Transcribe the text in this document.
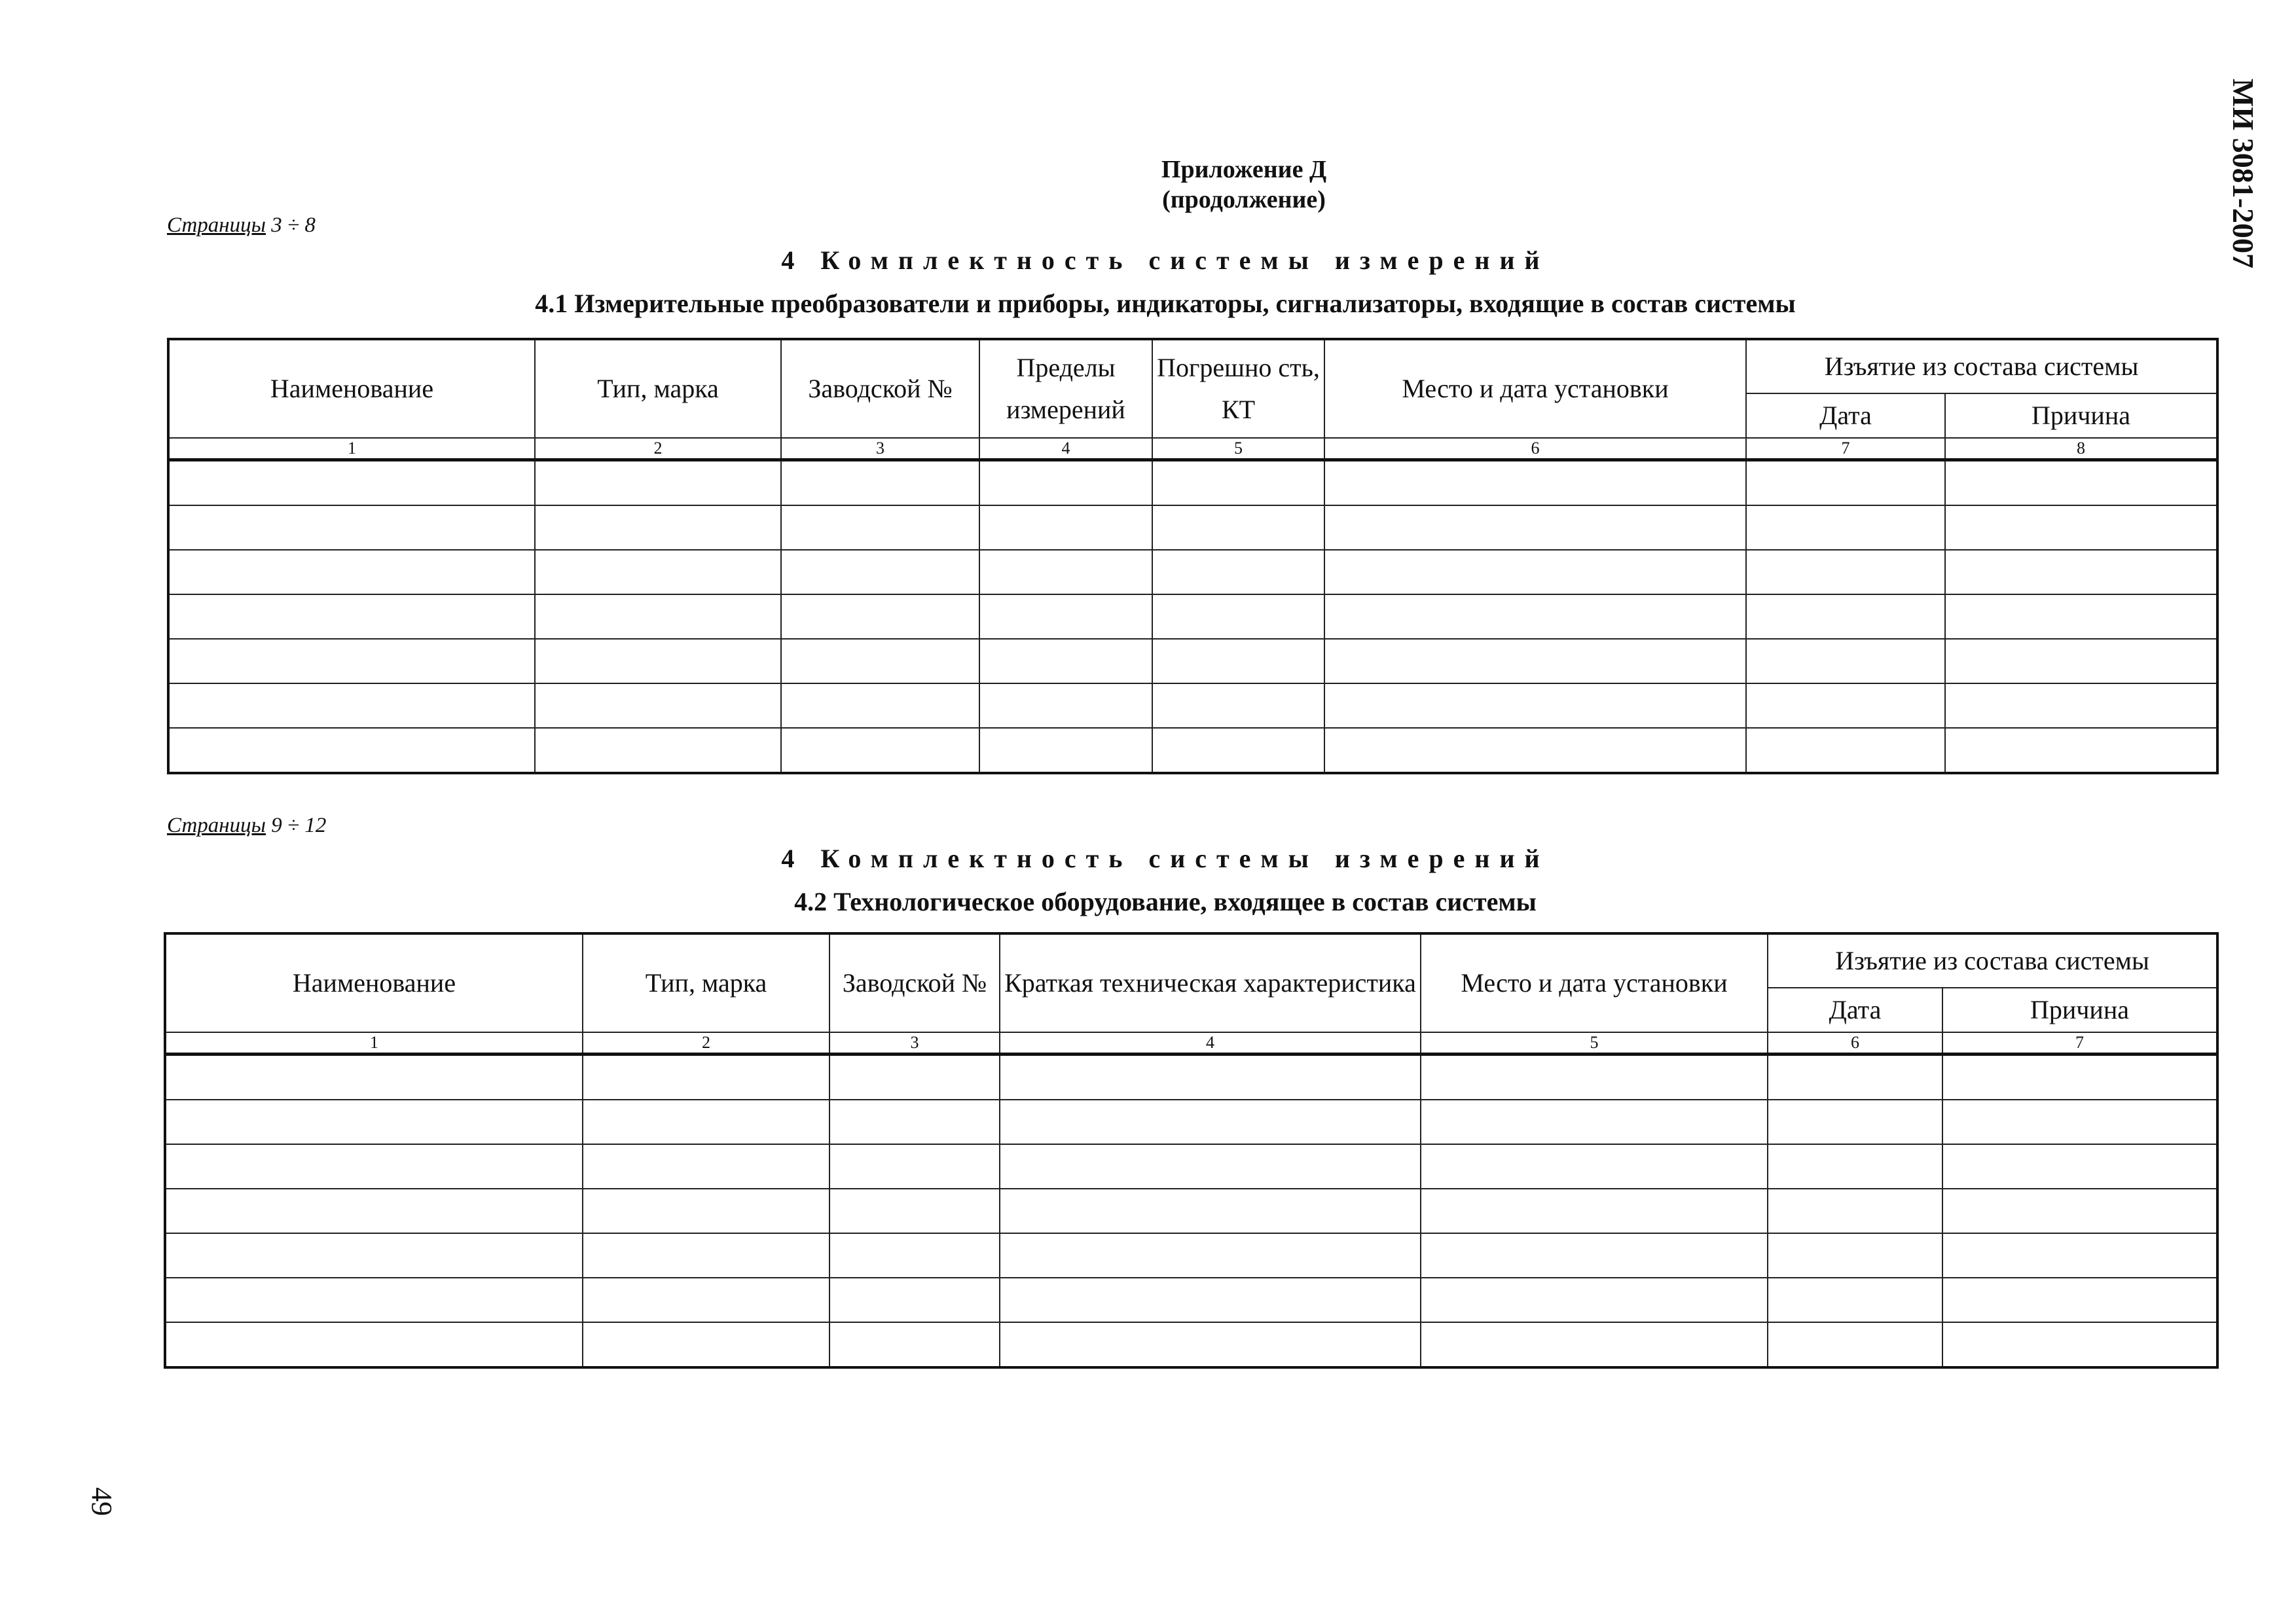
МИ 3081-2007
Приложение Д
(продолжение)
Страницы 3 ÷ 8
4 Комплектность системы измерений
4.1 Измерительные преобразователи и приборы, индикаторы, сигнализаторы, входящие в состав системы
Наименование	Тип, марка	Заводской №	Пределы измерений	Погрешно сть, КТ	Место и дата установки	Изъятие из состава системы	
						Дата	Причина
1	2	3	4	5	6	7	8

Страницы 9 ÷ 12
4 Комплектность системы измерений
4.2 Технологическое оборудование, входящее в состав системы
Наименование	Тип, марка	Заводской №	Краткая техническая характеристика	Место и дата установки	Изъятие из состава системы	
					Дата	Причина
1	2	3	4	5	6	7

49
